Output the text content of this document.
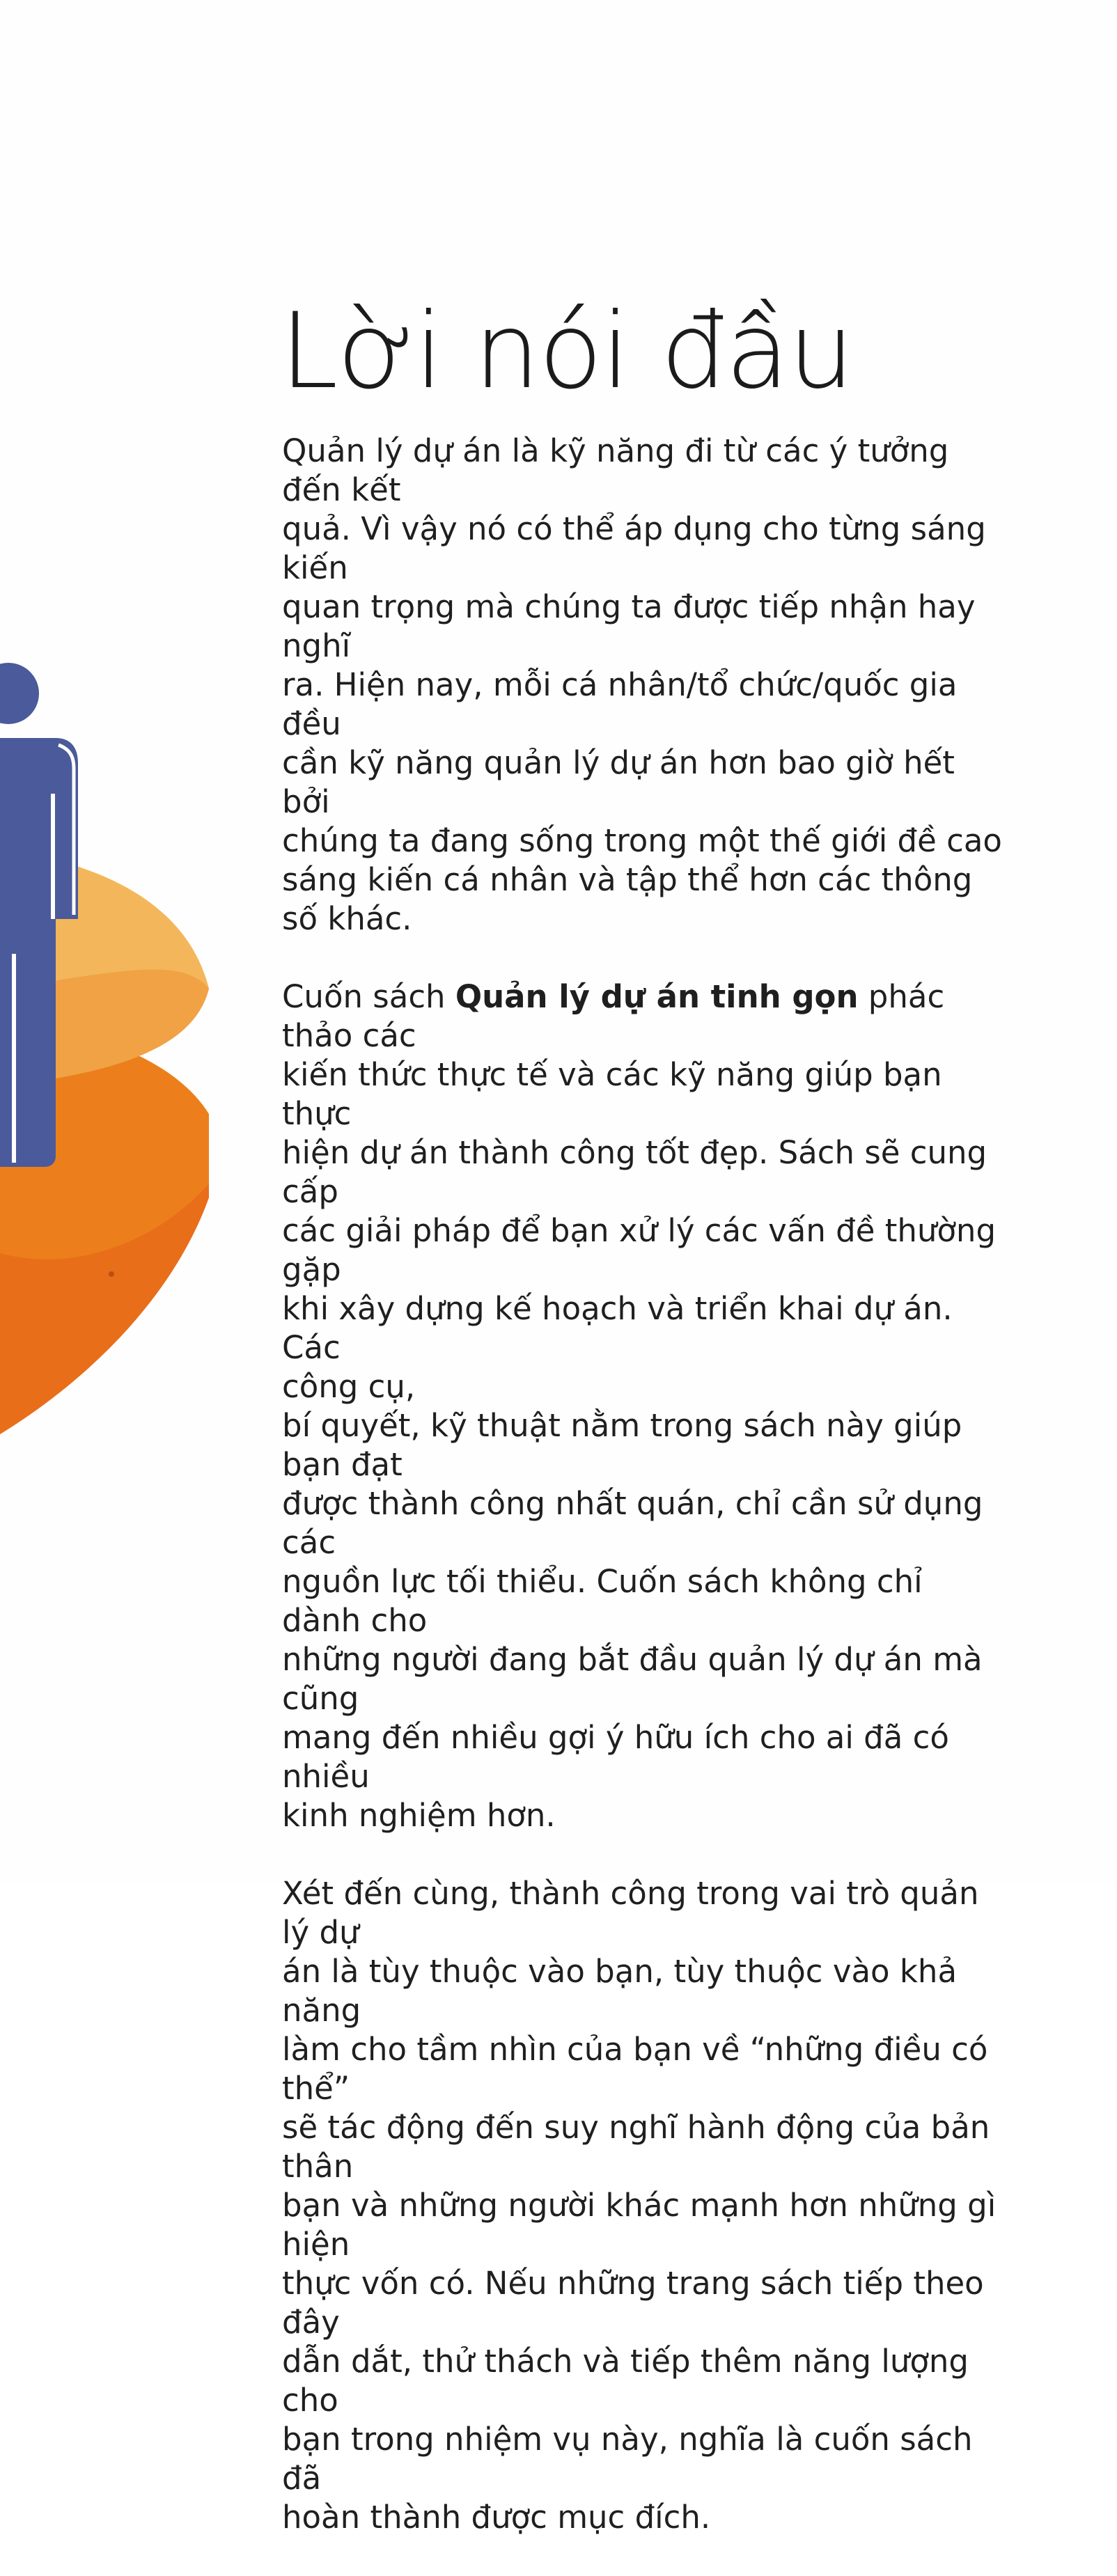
Lời nói đầu

Quản lý dự án là kỹ năng đi từ các ý tưởng đến kết
quả. Vì vậy nó có thể áp dụng cho từng sáng kiến
quan trọng mà chúng ta được tiếp nhận hay nghĩ
ra. Hiện nay, mỗi cá nhân/tổ chức/quốc gia đều
cần kỹ năng quản lý dự án hơn bao giờ hết bởi
chúng ta đang sống trong một thế giới đề cao
sáng kiến cá nhân và tập thể hơn các thông
số khác.

Cuốn sách Quản lý dự án tinh gọn phác thảo các
kiến thức thực tế và các kỹ năng giúp bạn thực
hiện dự án thành công tốt đẹp. Sách sẽ cung cấp
các giải pháp để bạn xử lý các vấn đề thường gặp
khi xây dựng kế hoạch và triển khai dự án. Các
công cụ,
bí quyết, kỹ thuật nằm trong sách này giúp bạn đạt
được thành công nhất quán, chỉ cần sử dụng các
nguồn lực tối thiểu. Cuốn sách không chỉ dành cho
những người đang bắt đầu quản lý dự án mà cũng
mang đến nhiều gợi ý hữu ích cho ai đã có nhiều
kinh nghiệm hơn.

Xét đến cùng, thành công trong vai trò quản lý dự
án là tùy thuộc vào bạn, tùy thuộc vào khả năng
làm cho tầm nhìn của bạn về “những điều có thể”
sẽ tác động đến suy nghĩ hành động của bản thân
bạn và những người khác mạnh hơn những gì hiện
thực vốn có. Nếu những trang sách tiếp theo đây
dẫn dắt, thử thách và tiếp thêm năng lượng cho
bạn trong nhiệm vụ này, nghĩa là cuốn sách đã
hoàn thành được mục đích.
